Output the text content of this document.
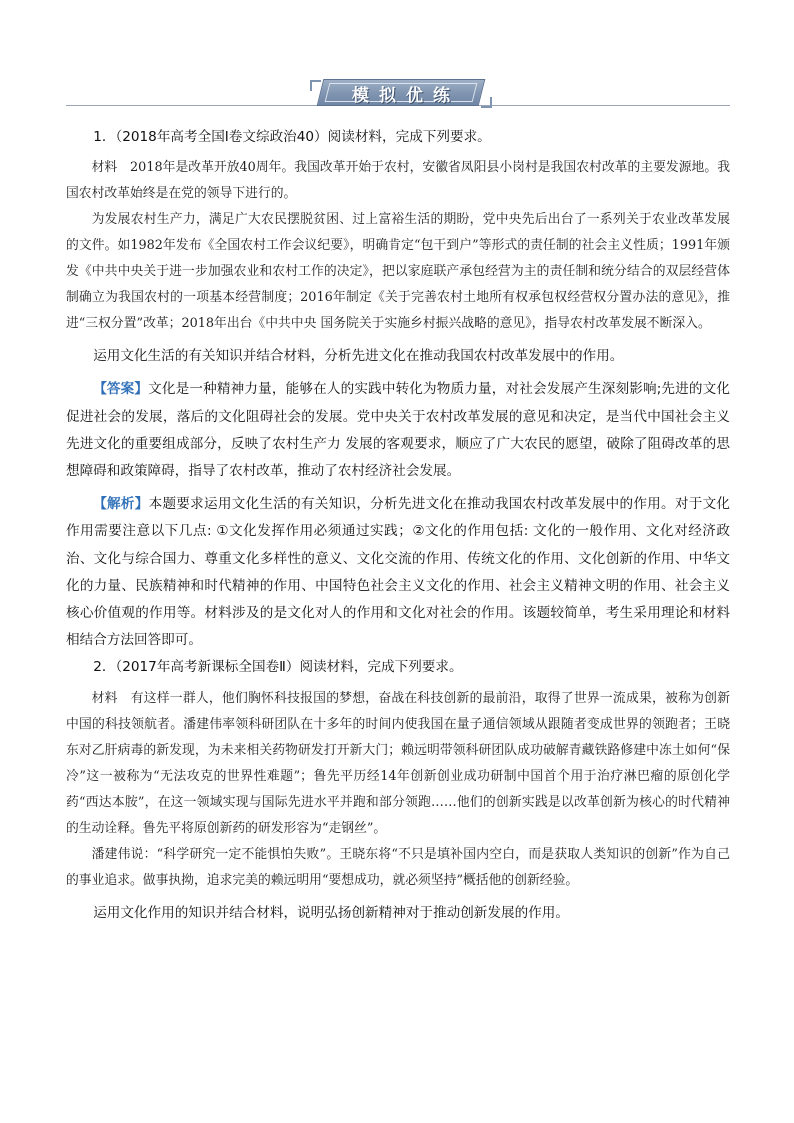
模拟优练

1．（2018年高考全国Ⅰ卷文综政治40）阅读材料，完成下列要求。

材料　2018年是改革开放40周年。我国改革开始于农村，安徽省凤阳县小岗村是我国农村改革的主要发源地。我国农村改革始终是在党的领导下进行的。

为发展农村生产力，满足广大农民摆脱贫困、过上富裕生活的期盼，党中央先后出台了一系列关于农业改革发展的文件。如1982年发布《全国农村工作会议纪要》，明确肯定“包干到户”等形式的责任制的社会主义性质；1991年颁发《中共中央关于进一步加强农业和农村工作的决定》，把以家庭联产承包经营为主的责任制和统分结合的双层经营体制确立为我国农村的一项基本经营制度；2016年制定《关于完善农村土地所有权承包权经营权分置办法的意见》，推进“三权分置”改革；2018年出台《中共中央 国务院关于实施乡村振兴战略的意见》，指导农村改革发展不断深入。

运用文化生活的有关知识并结合材料，分析先进文化在推动我国农村改革发展中的作用。

【答案】文化是一种精神力量，能够在人的实践中转化为物质力量，对社会发展产生深刻影响;先进的文化促进社会的发展，落后的文化阻碍社会的发展。党中央关于农村改革发展的意见和决定，是当代中国社会主义先进文化的重要组成部分，反映了农村生产力 发展的客观要求，顺应了广大农民的愿望，破除了阻碍改革的思想障碍和政策障碍，指导了农村改革，推动了农村经济社会发展。

【解析】本题要求运用文化生活的有关知识，分析先进文化在推动我国农村改革发展中的作用。对于文化作用需要注意以下几点: ①文化发挥作用必须通过实践；②文化的作用包括: 文化的一般作用、文化对经济政治、文化与综合国力、尊重文化多样性的意义、文化交流的作用、传统文化的作用、文化创新的作用、中华文化的力量、民族精神和时代精神的作用、中国特色社会主义文化的作用、社会主义精神文明的作用、社会主义核心价值观的作用等。材料涉及的是文化对人的作用和文化对社会的作用。该题较简单，考生采用理论和材料相结合方法回答即可。

2．（2017年高考新课标全国卷Ⅱ）阅读材料，完成下列要求。

材料　有这样一群人，他们胸怀科技报国的梦想，奋战在科技创新的最前沿，取得了世界一流成果，被称为创新中国的科技领航者。潘建伟率领科研团队在十多年的时间内使我国在量子通信领域从跟随者变成世界的领跑者；王晓东对乙肝病毒的新发现，为未来相关药物研发打开新大门；赖远明带领科研团队成功破解青藏铁路修建中冻土如何“保冷”这一被称为“无法攻克的世界性难题”；鲁先平历经14年创新创业成功研制中国首个用于治疗淋巴瘤的原创化学药“西达本胺”，在这一领域实现与国际先进水平并跑和部分领跑……他们的创新实践是以改革创新为核心的时代精神的生动诠释。鲁先平将原创新药的研发形容为“走钢丝”。

潘建伟说：“科学研究一定不能惧怕失败”。王晓东将“不只是填补国内空白，而是获取人类知识的创新”作为自己的事业追求。做事执拗，追求完美的赖远明用“要想成功，就必须坚持”概括他的创新经验。

运用文化作用的知识并结合材料，说明弘扬创新精神对于推动创新发展的作用。
